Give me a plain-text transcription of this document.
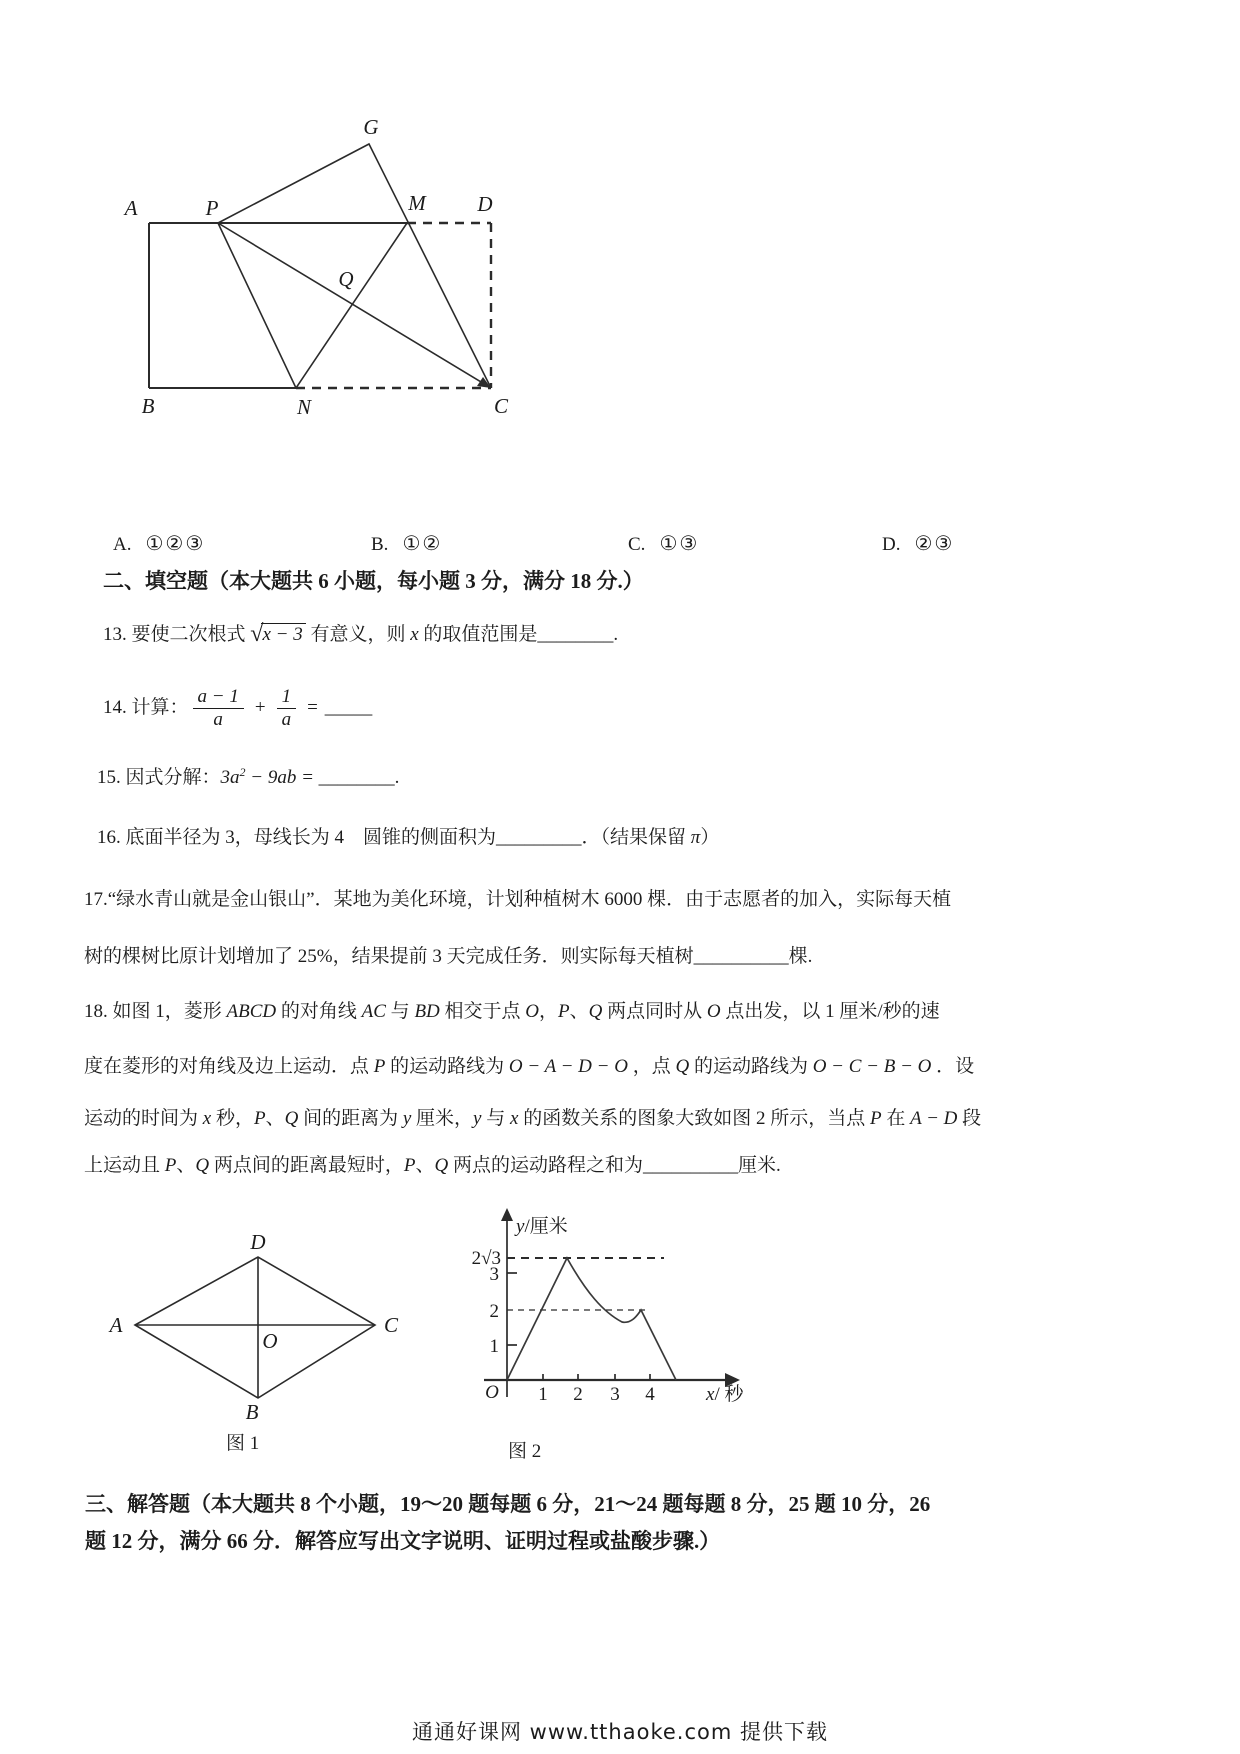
A	P	M D
G
Q
B	N	C
A. ①②③	B. ①②	C. ①③	D. ②③
二、填空题（本大题共 6 小题，每小题 3 分，满分 18 分.）
13. 要使二次根式 √x − 3 有意义，则 x 的取值范围是________.
14. 计算： $\frac{a - 1}{a} + \frac{1}{a}$ = _____
15. 因式分解：$3a^2 - 9ab$ = ________.
16. 底面半径为 3，母线长为 4　圆锥的侧面积为_________．（结果保留 π）
17.“绿水青山就是金山银山”．某地为美化环境，计划种植树木 6000 棵．由于志愿者的加入，实际每天植
树的棵树比原计划增加了 25%，结果提前 3 天完成任务．则实际每天植树__________棵.
18. 如图 1，菱形 ABCD 的对角线 AC 与 BD 相交于点 O，P、Q 两点同时从 O 点出发，以 1 厘米/秒的速
度在菱形的对角线及边上运动．点 P 的运动路线为 O − A − D − O ，点 Q 的运动路线为 O − C − B − O ．设
运动的时间为 x 秒，P、Q 间的距离为 y 厘米，y 与 x 的函数关系的图象大致如图 2 所示，当点 P 在 A − D 段
上运动且 P、Q 两点间的距离最短时，P、Q 两点的运动路程之和为__________厘米.
D
A	C
O
B
图 1
y/厘米
x/ 秒
2√3
3
2
1
O 1 2 3 4
图 2
三、解答题（本大题共 8 个小题，19～20 题每题 6 分，21～24 题每题 8 分，25 题 10 分，26
题 12 分，满分 66 分．解答应写出文字说明、证明过程或盐酸步骤.）
通通好课网 www.tthaoke.com 提供下载
